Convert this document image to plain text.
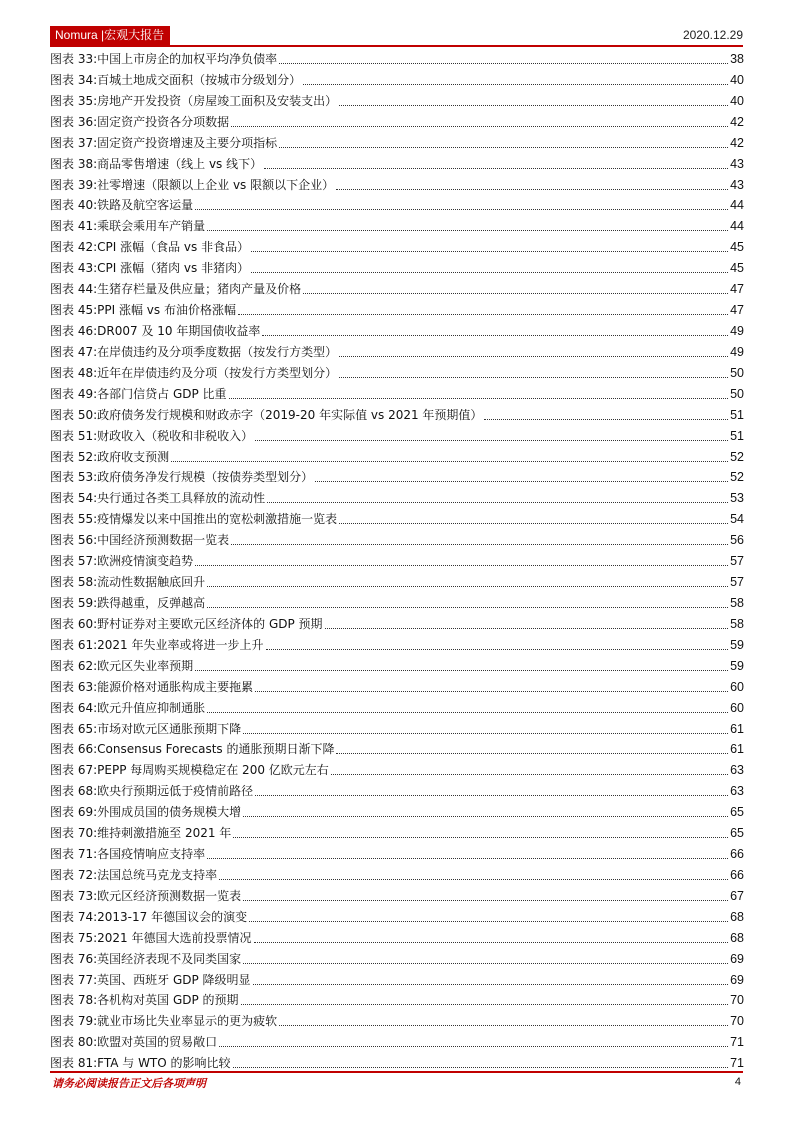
Nomura |宏观大报告	2020.12.29
图表 33: 中国上市房企的加权平均净负债率	38
图表 34: 百城土地成交面积（按城市分级划分）	40
图表 35: 房地产开发投资（房屋竣工面积及安装支出）	40
图表 36: 固定资产投资各分项数据	42
图表 37: 固定资产投资增速及主要分项指标	42
图表 38: 商品零售增速（线上 vs 线下）	43
图表 39: 社零增速（限额以上企业 vs 限额以下企业）	43
图表 40: 铁路及航空客运量	44
图表 41: 乘联会乘用车产销量	44
图表 42: CPI 涨幅（食品 vs 非食品）	45
图表 43: CPI 涨幅（猪肉 vs 非猪肉）	45
图表 44: 生猪存栏量及供应量；猪肉产量及价格	47
图表 45: PPI 涨幅 vs 布油价格涨幅	47
图表 46: DR007 及 10 年期国债收益率	49
图表 47: 在岸债违约及分项季度数据（按发行方类型）	49
图表 48: 近年在岸债违约及分项（按发行方类型划分）	50
图表 49: 各部门信贷占 GDP 比重	50
图表 50: 政府债务发行规模和财政赤字（2019-20 年实际值 vs 2021 年预期值）	51
图表 51: 财政收入（税收和非税收入）	51
图表 52: 政府收支预测	52
图表 53: 政府债务净发行规模（按债券类型划分）	52
图表 54: 央行通过各类工具释放的流动性	53
图表 55: 疫情爆发以来中国推出的宽松刺激措施一览表	54
图表 56: 中国经济预测数据一览表	56
图表 57: 欧洲疫情演变趋势	57
图表 58: 流动性数据触底回升	57
图表 59: 跌得越重，反弹越高	58
图表 60: 野村证券对主要欧元区经济体的 GDP 预期	58
图表 61: 2021 年失业率或将进一步上升	59
图表 62: 欧元区失业率预期	59
图表 63: 能源价格对通胀构成主要拖累	60
图表 64: 欧元升值应抑制通胀	60
图表 65: 市场对欧元区通胀预期下降	61
图表 66: Consensus Forecasts 的通胀预期日渐下降	61
图表 67: PEPP 每周购买规模稳定在 200 亿欧元左右	63
图表 68: 欧央行预期远低于疫情前路径	63
图表 69: 外围成员国的债务规模大增	65
图表 70: 维持刺激措施至 2021 年	65
图表 71: 各国疫情响应支持率	66
图表 72: 法国总统马克龙支持率	66
图表 73: 欧元区经济预测数据一览表	67
图表 74: 2013-17 年德国议会的演变	68
图表 75: 2021 年德国大选前投票情况	68
图表 76: 英国经济表现不及同类国家	69
图表 77: 英国、西班牙 GDP 降级明显	69
图表 78: 各机构对英国 GDP 的预期	70
图表 79: 就业市场比失业率显示的更为疲软	70
图表 80: 欧盟对英国的贸易敞口	71
图表 81: FTA 与 WTO 的影响比较	71
请务必阅读报告正文后各项声明	4
